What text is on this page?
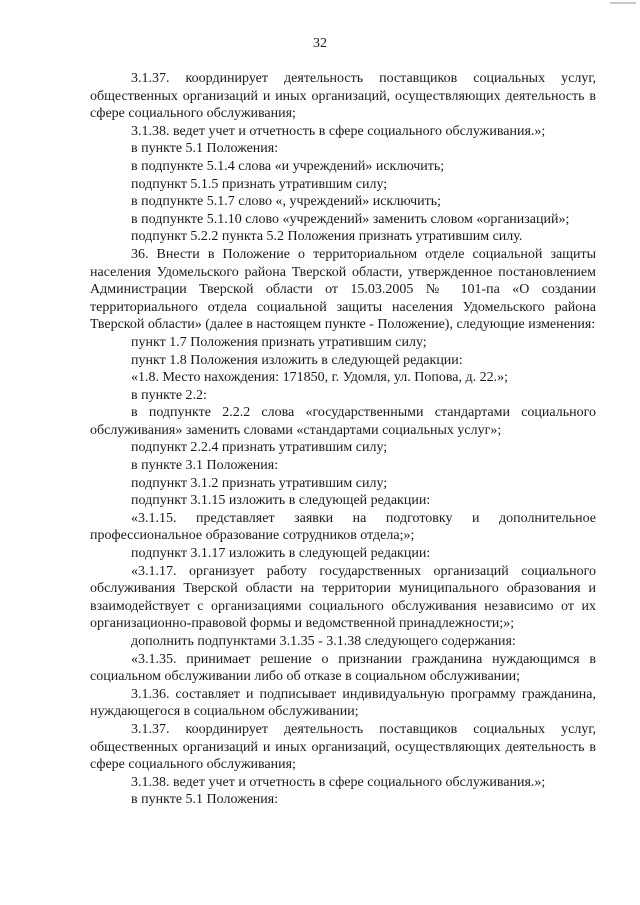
32

3.1.37. координирует деятельность поставщиков социальных услуг, общественных организаций и иных организаций, осуществляющих деятельность в сфере социального обслуживания;

3.1.38. ведет учет и отчетность в сфере социального обслуживания.»;

в пункте 5.1 Положения:

в подпункте 5.1.4 слова «и учреждений» исключить;

подпункт 5.1.5 признать утратившим силу;

в подпункте 5.1.7 слово «, учреждений» исключить;

в подпункте 5.1.10 слово «учреждений» заменить словом «организаций»;

подпункт 5.2.2 пункта 5.2 Положения признать утратившим силу.

36. Внести в Положение о территориальном отделе социальной защиты населения Удомельского района Тверской области, утвержденное постановлением Администрации Тверской области от 15.03.2005 № 101-па «О создании территориального отдела социальной защиты населения Удомельского района Тверской области» (далее в настоящем пункте - Положение), следующие изменения:

пункт 1.7 Положения признать утратившим силу;

пункт 1.8 Положения изложить в следующей редакции:

«1.8. Место нахождения: 171850, г. Удомля, ул. Попова, д. 22.»;

в пункте 2.2:

в подпункте 2.2.2 слова «государственными стандартами социального обслуживания» заменить словами «стандартами социальных услуг»;

подпункт 2.2.4 признать утратившим силу;

в пункте 3.1 Положения:

подпункт 3.1.2 признать утратившим силу;

подпункт 3.1.15 изложить в следующей редакции:

«3.1.15. представляет заявки на подготовку и дополнительное профессиональное образование сотрудников отдела;»;

подпункт 3.1.17 изложить в следующей редакции:

«3.1.17. организует работу государственных организаций социального обслуживания Тверской области на территории муниципального образования и взаимодействует с организациями социального обслуживания независимо от их организационно-правовой формы и ведомственной принадлежности;»;

дополнить подпунктами 3.1.35 - 3.1.38 следующего содержания:

«3.1.35. принимает решение о признании гражданина нуждающимся в социальном обслуживании либо об отказе в социальном обслуживании;

3.1.36. составляет и подписывает индивидуальную программу гражданина, нуждающегося в социальном обслуживании;

3.1.37. координирует деятельность поставщиков социальных услуг, общественных организаций и иных организаций, осуществляющих деятельность в сфере социального обслуживания;

3.1.38. ведет учет и отчетность в сфере социального обслуживания.»;

в пункте 5.1 Положения:
